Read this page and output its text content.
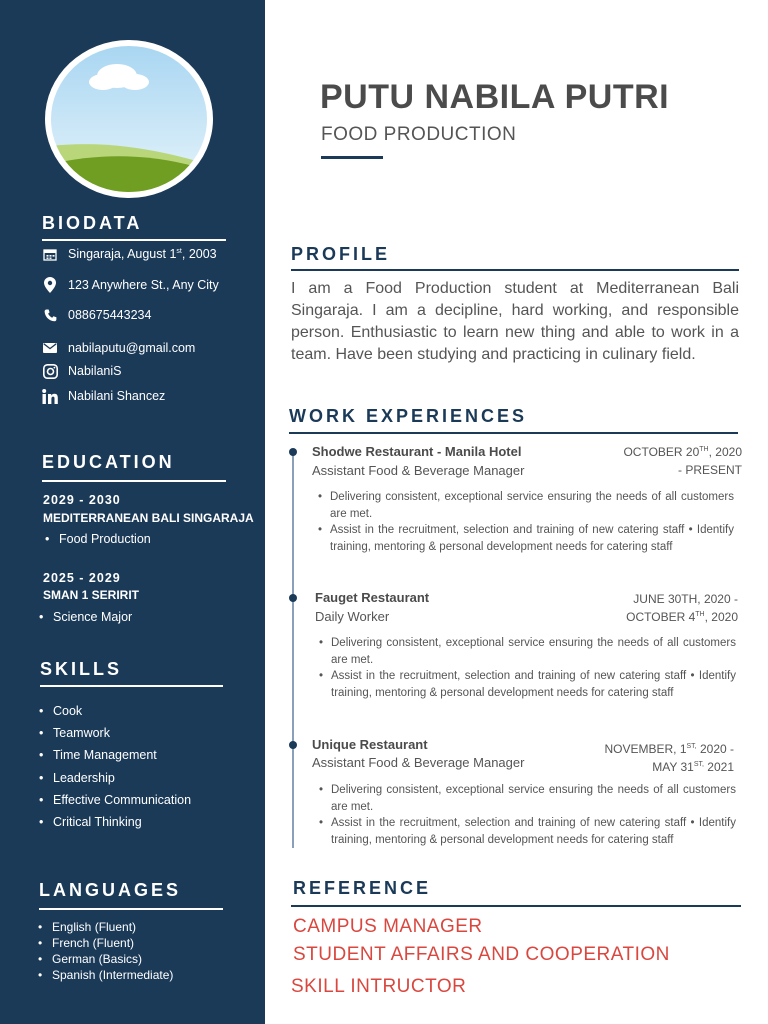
BIODATA
Singaraja, August 1st, 2003
123 Anywhere St., Any City
088675443234
nabilaputu@gmail.com
NabilaniS
Nabilani Shancez
EDUCATION
2029 - 2030
MEDITERRANEAN BALI SINGARAJA
• Food Production
2025 - 2029
SMAN 1 SERIRIT
• Science Major
SKILLS
• Cook
• Teamwork
• Time Management
• Leadership
• Effective Communication
• Critical Thinking
LANGUAGES
• English (Fluent)
• French (Fluent)
• German (Basics)
• Spanish (Intermediate)
PUTU NABILA PUTRI
FOOD PRODUCTION
PROFILE
I am a Food Production student at Mediterranean Bali Singaraja. I am a decipline, hard working, and responsible person. Enthusiastic to learn new thing and able to work in a team. Have been studying and practicing in culinary field.
WORK EXPERIENCES
Shodwe Restaurant - Manila Hotel
Assistant Food & Beverage Manager
OCTOBER 20TH, 2020
- PRESENT
• Delivering consistent, exceptional service ensuring the needs of all customers are met.
• Assist in the recruitment, selection and training of new catering staff • Identify training, mentoring & personal development needs for catering staff
Fauget Restaurant
Daily Worker
JUNE 30TH, 2020 -
OCTOBER 4TH, 2020
• Delivering consistent, exceptional service ensuring the needs of all customers are met.
• Assist in the recruitment, selection and training of new catering staff • Identify training, mentoring & personal development needs for catering staff
Unique Restaurant
Assistant Food & Beverage Manager
NOVEMBER, $1^{ST,}$ 2020 -
MAY $31^{ST,}$ 2021
• Delivering consistent, exceptional service ensuring the needs of all customers are met.
• Assist in the recruitment, selection and training of new catering staff • Identify training, mentoring & personal development needs for catering staff
REFERENCE
CAMPUS MANAGER
STUDENT AFFAIRS AND COOPERATION
SKILL INTRUCTOR
